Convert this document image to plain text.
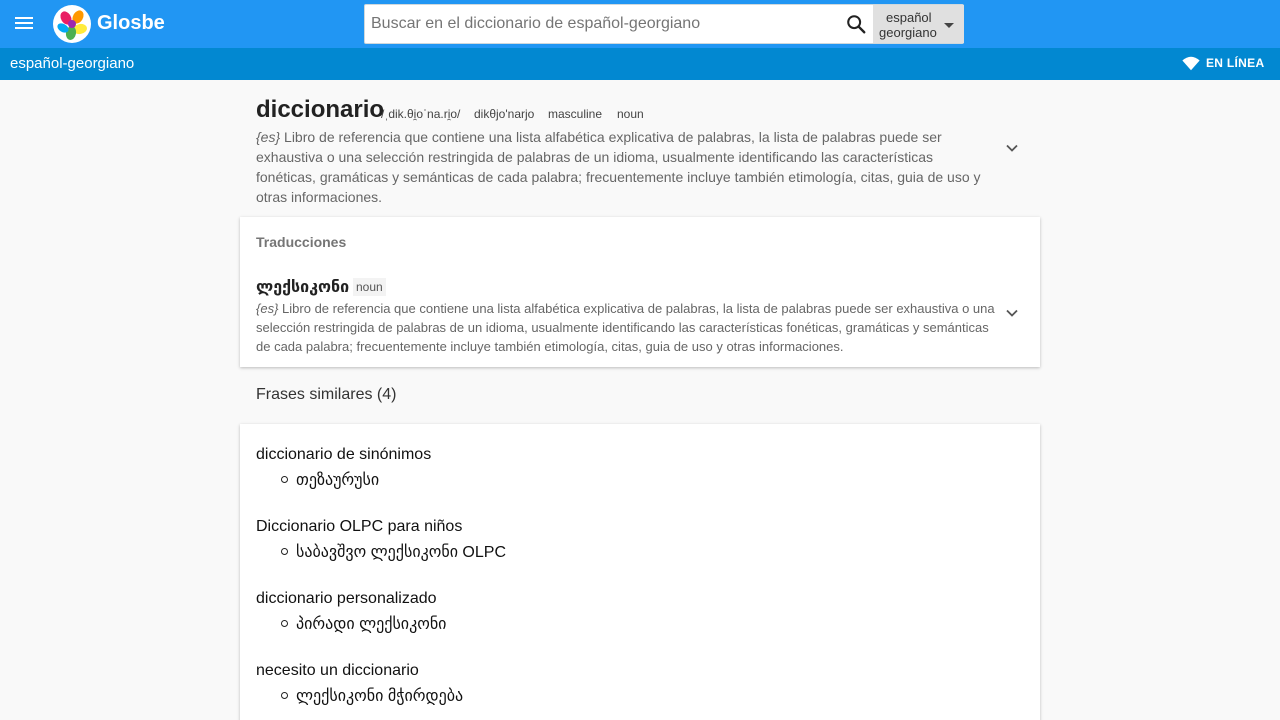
Glosbe
Buscar en el diccionario de español-georgiano	español
georgiano
español-georgiano	EN LÍNEA
diccionario
/ˌdik.θi̯oˈna.ri̯o/ dikθjo'narjo masculine noun
{es} Libro de referencia que contiene una lista alfabética explicativa de palabras, la lista de palabras puede ser exhaustiva o una selección restringida de palabras de un idioma, usualmente identificando las características fonéticas, gramáticas y semánticas de cada palabra; frecuentemente incluye también etimología, citas, guia de uso y otras informaciones.
Traducciones
ლექსიკონი noun
{es} Libro de referencia que contiene una lista alfabética explicativa de palabras, la lista de palabras puede ser exhaustiva o una selección restringida de palabras de un idioma, usualmente identificando las características fonéticas, gramáticas y semánticas de cada palabra; frecuentemente incluye también etimología, citas, guia de uso y otras informaciones.
Frases similares (4)
diccionario de sinónimos
თეზაურუსი
Diccionario OLPC para niños
საბავშვო ლექსიკონი OLPC
diccionario personalizado
პირადი ლექსიკონი
necesito un diccionario
ლექსიკონი მჭირდება
